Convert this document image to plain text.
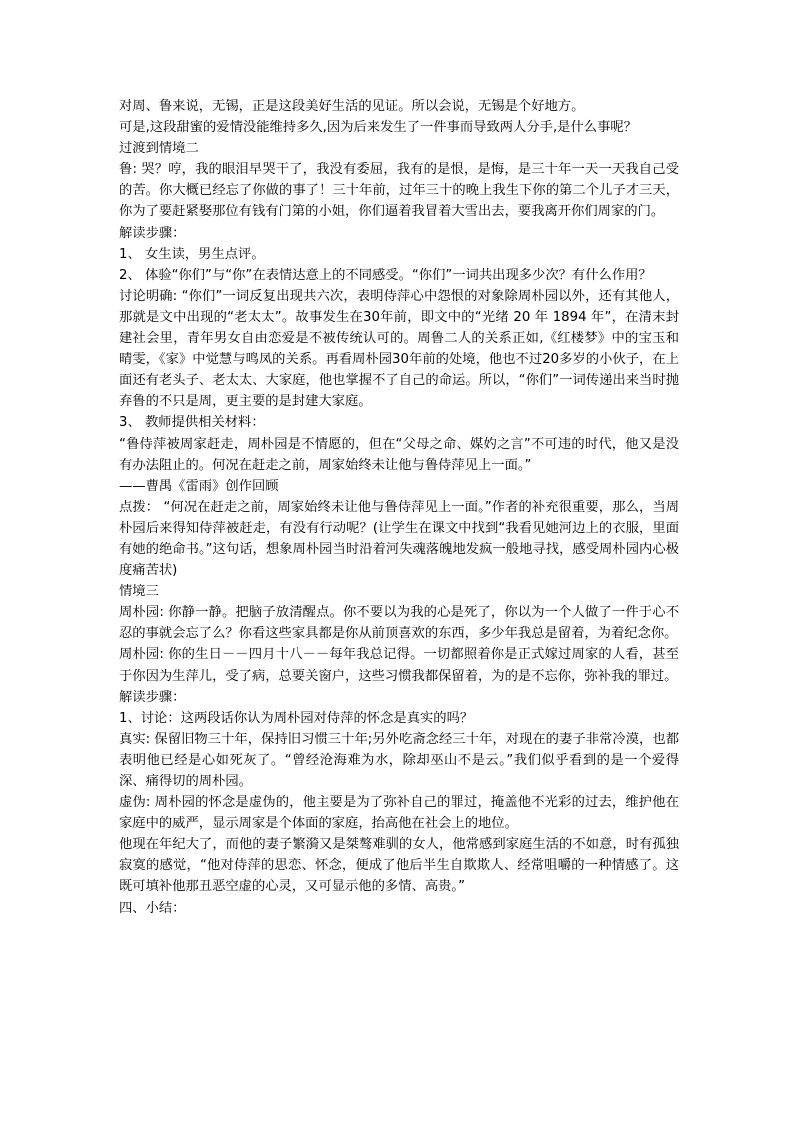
对周、鲁来说，无锡，正是这段美好生活的见证。所以会说，无锡是个好地方。

可是,这段甜蜜的爱情没能维持多久,因为后来发生了一件事而导致两人分手,是什么事呢？

过渡到情境二

鲁: 哭？哼，我的眼泪早哭干了，我没有委屈，我有的是恨，是悔，是三十年一天一天我自己受的苦。你大概已经忘了你做的事了！三十年前，过年三十的晚上我生下你的第二个儿子才三天，你为了要赶紧娶那位有钱有门第的小姐，你们逼着我冒着大雪出去，要我离开你们周家的门。

解读步骤：

1、 女生读，男生点评。

2、 体验“你们”与“你”在表情达意上的不同感受。“你们”一词共出现多少次？有什么作用？

讨论明确: “你们”一词反复出现共六次，表明侍萍心中怨恨的对象除周朴园以外，还有其他人，那就是文中出现的“老太太”。故事发生在30年前，即文中的“光绪 20 年 1894 年”，在清末封建社会里，青年男女自由恋爱是不被传统认可的。周鲁二人的关系正如,《红楼梦》中的宝玉和晴雯，《家》中觉慧与鸣凤的关系。再看周朴园30年前的处境，他也不过20多岁的小伙子，在上面还有老头子、老太太、大家庭，他也掌握不了自己的命运。所以，“你们”一词传递出来当时抛弃鲁的不只是周，更主要的是封建大家庭。

3、 教师提供相关材料：

“鲁侍萍被周家赶走，周朴园是不情愿的，但在“父母之命、媒妁之言”不可违的时代，他又是没有办法阻止的。何况在赶走之前，周家始终未让他与鲁侍萍见上一面。”

——曹禺《雷雨》创作回顾

点拨： “何况在赶走之前，周家始终未让他与鲁侍萍见上一面。”作者的补充很重要，那么，当周朴园后来得知侍萍被赶走，有没有行动呢？(让学生在课文中找到“我看见她河边上的衣服，里面有她的绝命书。”这句话，想象周朴园当时沿着河失魂落魄地发疯一般地寻找，感受周朴园内心极度痛苦状)

情境三

周朴园: 你静一静。把脑子放清醒点。你不要以为我的心是死了，你以为一个人做了一件于心不忍的事就会忘了么？你看这些家具都是你从前顶喜欢的东西，多少年我总是留着，为着纪念你。

周朴园: 你的生日－－四月十八－－每年我总记得。一切都照着你是正式嫁过周家的人看，甚至于你因为生萍儿，受了病，总要关窗户，这些习惯我都保留着，为的是不忘你，弥补我的罪过。

解读步骤：

1、讨论：这两段话你认为周朴园对侍萍的怀念是真实的吗？

真实: 保留旧物三十年，保持旧习惯三十年;另外吃斋念经三十年，对现在的妻子非常冷漠，也都表明他已经是心如死灰了。“曾经沧海难为水，除却巫山不是云。”我们似乎看到的是一个爱得深、痛得切的周朴园。

虚伪: 周朴园的怀念是虚伪的，他主要是为了弥补自己的罪过，掩盖他不光彩的过去，维护他在家庭中的威严，显示周家是个体面的家庭，抬高他在社会上的地位。

他现在年纪大了，而他的妻子繁漪又是桀骜难驯的女人，他常感到家庭生活的不如意，时有孤独寂寞的感觉，“他对侍萍的思恋、怀念，便成了他后半生自欺欺人、经常咀嚼的一种情感了。这既可填补他那丑恶空虚的心灵，又可显示他的多情、高贵。”

四、小结：
